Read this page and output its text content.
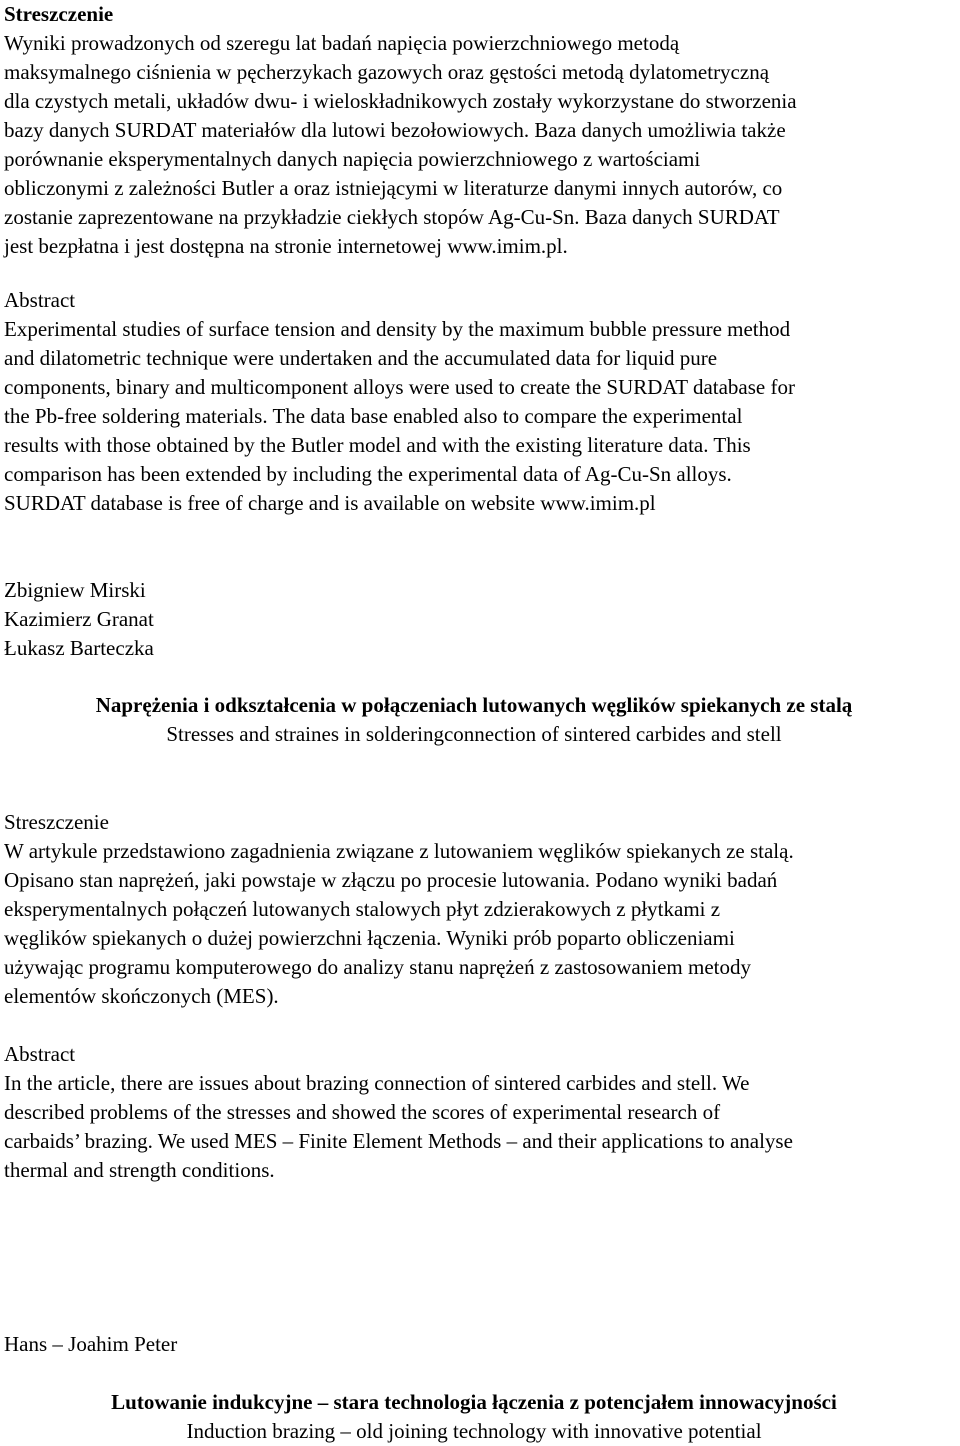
Streszczenie
Wyniki prowadzonych od szeregu lat badań napięcia powierzchniowego metodą
maksymalnego ciśnienia w pęcherzykach gazowych oraz gęstości metodą dylatometryczną
dla czystych metali, układów dwu- i wieloskładnikowych zostały wykorzystane do stworzenia
bazy danych SURDAT materiałów dla lutowi bezołowiowych. Baza danych umożliwia także
porównanie eksperymentalnych danych napięcia powierzchniowego z wartościami
obliczonymi z zależności Butler a oraz istniejącymi w literaturze danymi innych autorów, co
zostanie zaprezentowane na przykładzie ciekłych stopów Ag-Cu-Sn. Baza danych SURDAT
jest bezpłatna i jest dostępna na stronie internetowej www.imim.pl.
Abstract
Experimental studies of surface tension and density by the maximum bubble pressure method
and dilatometric technique were undertaken and the accumulated data for liquid pure
components, binary and multicomponent alloys were used to create the SURDAT database for
the Pb-free soldering materials. The data base enabled also to compare the experimental
results with those obtained by the Butler model and with the existing literature data. This
comparison has been extended by including the experimental data of Ag-Cu-Sn alloys.
SURDAT database is free of charge and is available on website www.imim.pl
Zbigniew Mirski
Kazimierz Granat
Łukasz Barteczka
Naprężenia i odkształcenia w połączeniach lutowanych węglików spiekanych ze stalą
Stresses and straines in solderingconnection of sintered carbides and stell
Streszczenie
W artykule przedstawiono zagadnienia związane z lutowaniem węglików spiekanych ze stalą.
Opisano stan naprężeń, jaki powstaje w złączu po procesie lutowania. Podano wyniki badań
eksperymentalnych połączeń lutowanych stalowych płyt zdzierakowych z płytkami z
węglików spiekanych o dużej powierzchni łączenia. Wyniki prób poparto obliczeniami
używając programu komputerowego do analizy stanu naprężeń z zastosowaniem metody
elementów skończonych (MES).
Abstract
In the article, there are issues about brazing connection of sintered carbides and stell. We
described problems of the stresses and showed the scores of experimental research of
carbaids’ brazing. We used MES – Finite Element Methods – and their applications to analyse
thermal and strength conditions.
Hans – Joahim Peter
Lutowanie indukcyjne – stara technologia łączenia z potencjałem innowacyjności
Induction brazing – old joining technology with innovative potential
